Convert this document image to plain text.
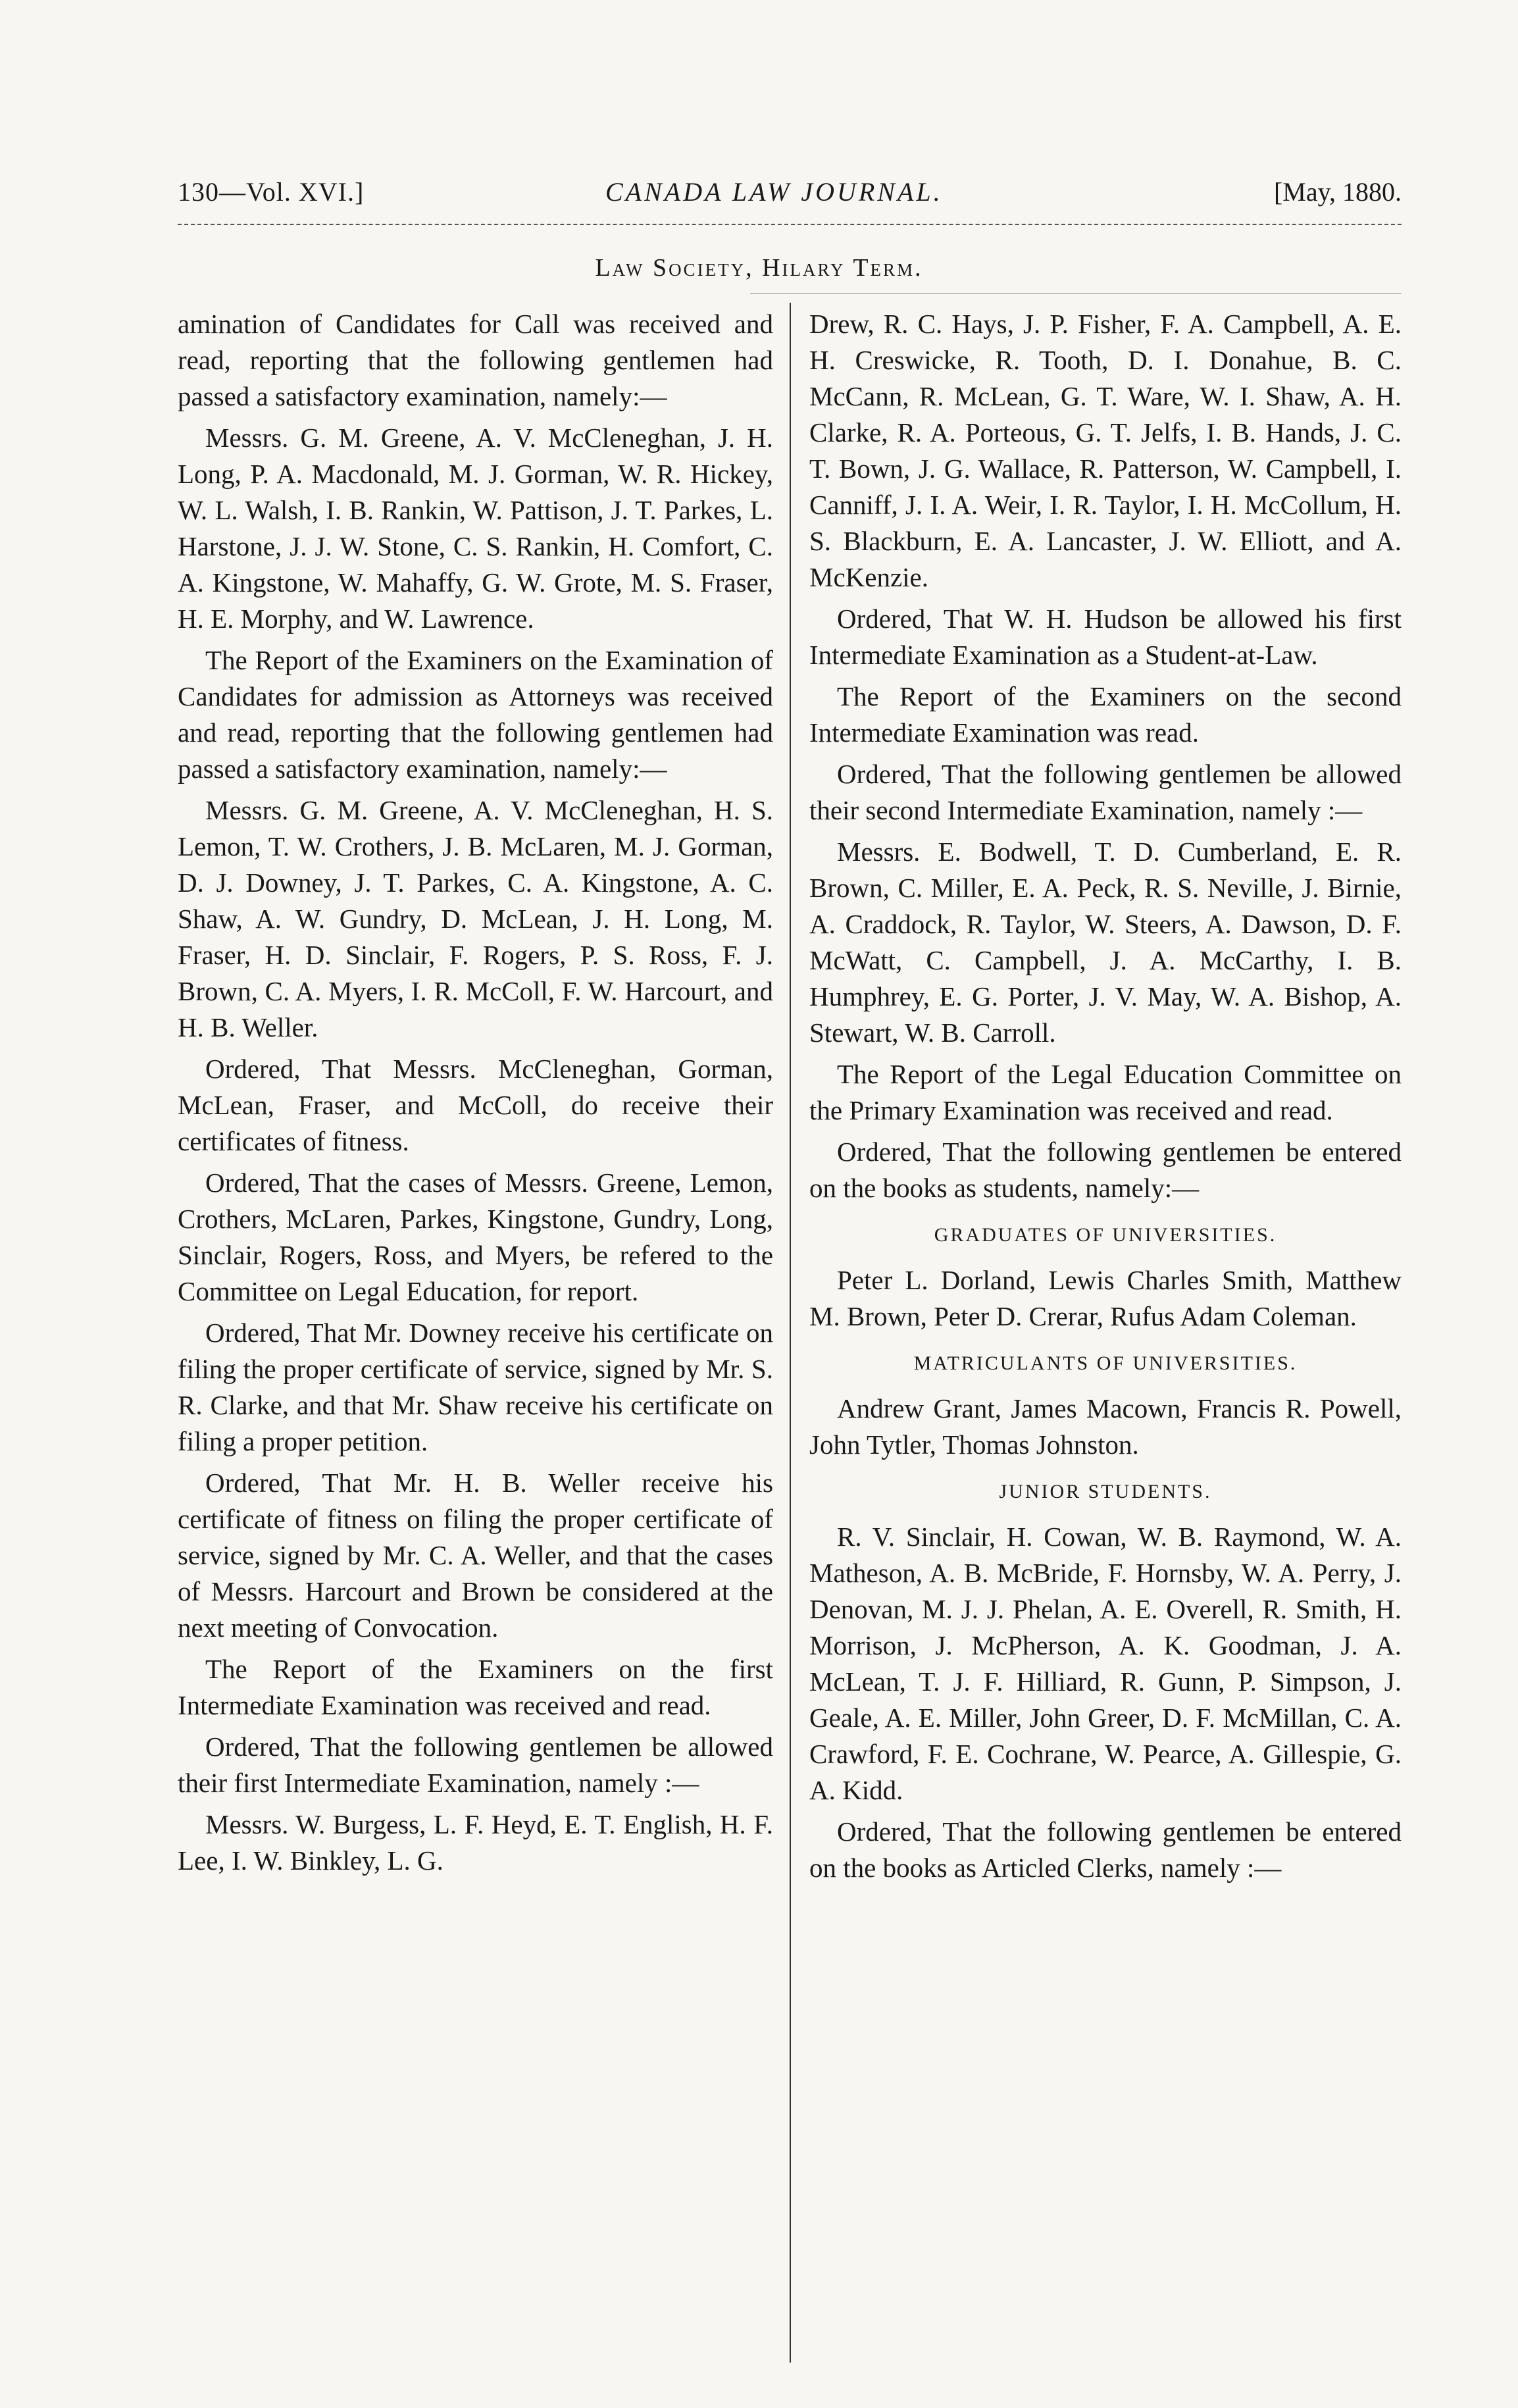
130—Vol. XVI.]	CANADA LAW JOURNAL.	[May, 1880.
Law Society, Hilary Term.

amination of Candidates for Call was received and read, reporting that the following gentlemen had passed a satisfactory examination, namely:—

Messrs. G. M. Greene, A. V. McCleneghan, J. H. Long, P. A. Macdonald, M. J. Gorman, W. R. Hickey, W. L. Walsh, I. B. Rankin, W. Pattison, J. T. Parkes, L. Harstone, J. J. W. Stone, C. S. Rankin, H. Comfort, C. A. Kingstone, W. Mahaffy, G. W. Grote, M. S. Fraser, H. E. Morphy, and W. Lawrence.

The Report of the Examiners on the Examination of Candidates for admission as Attorneys was received and read, reporting that the following gentlemen had passed a satisfactory examination, namely:—

Messrs. G. M. Greene, A. V. McCleneghan, H. S. Lemon, T. W. Crothers, J. B. McLaren, M. J. Gorman, D. J. Downey, J. T. Parkes, C. A. Kingstone, A. C. Shaw, A. W. Gundry, D. McLean, J. H. Long, M. Fraser, H. D. Sinclair, F. Rogers, P. S. Ross, F. J. Brown, C. A. Myers, I. R. McColl, F. W. Harcourt, and H. B. Weller.

Ordered, That Messrs. McCleneghan, Gorman, McLean, Fraser, and McColl, do receive their certificates of fitness.

Ordered, That the cases of Messrs. Greene, Lemon, Crothers, McLaren, Parkes, Kingstone, Gundry, Long, Sinclair, Rogers, Ross, and Myers, be refered to the Committee on Legal Education, for report.

Ordered, That Mr. Downey receive his certificate on filing the proper certificate of service, signed by Mr. S. R. Clarke, and that Mr. Shaw receive his certificate on filing a proper petition.

Ordered, That Mr. H. B. Weller receive his certificate of fitness on filing the proper certificate of service, signed by Mr. C. A. Weller, and that the cases of Messrs. Harcourt and Brown be considered at the next meeting of Convocation.

The Report of the Examiners on the first Intermediate Examination was received and read.

Ordered, That the following gentlemen be allowed their first Intermediate Examination, namely :—

Messrs. W. Burgess, L. F. Heyd, E. T. English, H. F. Lee, I. W. Binkley, L. G.

Drew, R. C. Hays, J. P. Fisher, F. A. Campbell, A. E. H. Creswicke, R. Tooth, D. I. Donahue, B. C. McCann, R. McLean, G. T. Ware, W. I. Shaw, A. H. Clarke, R. A. Porteous, G. T. Jelfs, I. B. Hands, J. C. T. Bown, J. G. Wallace, R. Patterson, W. Campbell, I. Canniff, J. I. A. Weir, I. R. Taylor, I. H. McCollum, H. S. Blackburn, E. A. Lancaster, J. W. Elliott, and A. McKenzie.

Ordered, That W. H. Hudson be allowed his first Intermediate Examination as a Student-at-Law.

The Report of the Examiners on the second Intermediate Examination was read.

Ordered, That the following gentlemen be allowed their second Intermediate Examination, namely :—

Messrs. E. Bodwell, T. D. Cumberland, E. R. Brown, C. Miller, E. A. Peck, R. S. Neville, J. Birnie, A. Craddock, R. Taylor, W. Steers, A. Dawson, D. F. McWatt, C. Campbell, J. A. McCarthy, I. B. Humphrey, E. G. Porter, J. V. May, W. A. Bishop, A. Stewart, W. B. Carroll.

The Report of the Legal Education Committee on the Primary Examination was received and read.

Ordered, That the following gentlemen be entered on the books as students, namely:—

GRADUATES OF UNIVERSITIES.

Peter L. Dorland, Lewis Charles Smith, Matthew M. Brown, Peter D. Crerar, Rufus Adam Coleman.

MATRICULANTS OF UNIVERSITIES.

Andrew Grant, James Macown, Francis R. Powell, John Tytler, Thomas Johnston.

JUNIOR STUDENTS.

R. V. Sinclair, H. Cowan, W. B. Raymond, W. A. Matheson, A. B. McBride, F. Hornsby, W. A. Perry, J. Denovan, M. J. J. Phelan, A. E. Overell, R. Smith, H. Morrison, J. McPherson, A. K. Goodman, J. A. McLean, T. J. F. Hilliard, R. Gunn, P. Simpson, J. Geale, A. E. Miller, John Greer, D. F. McMillan, C. A. Crawford, F. E. Cochrane, W. Pearce, A. Gillespie, G. A. Kidd.

Ordered, That the following gentlemen be entered on the books as Articled Clerks, namely :—
